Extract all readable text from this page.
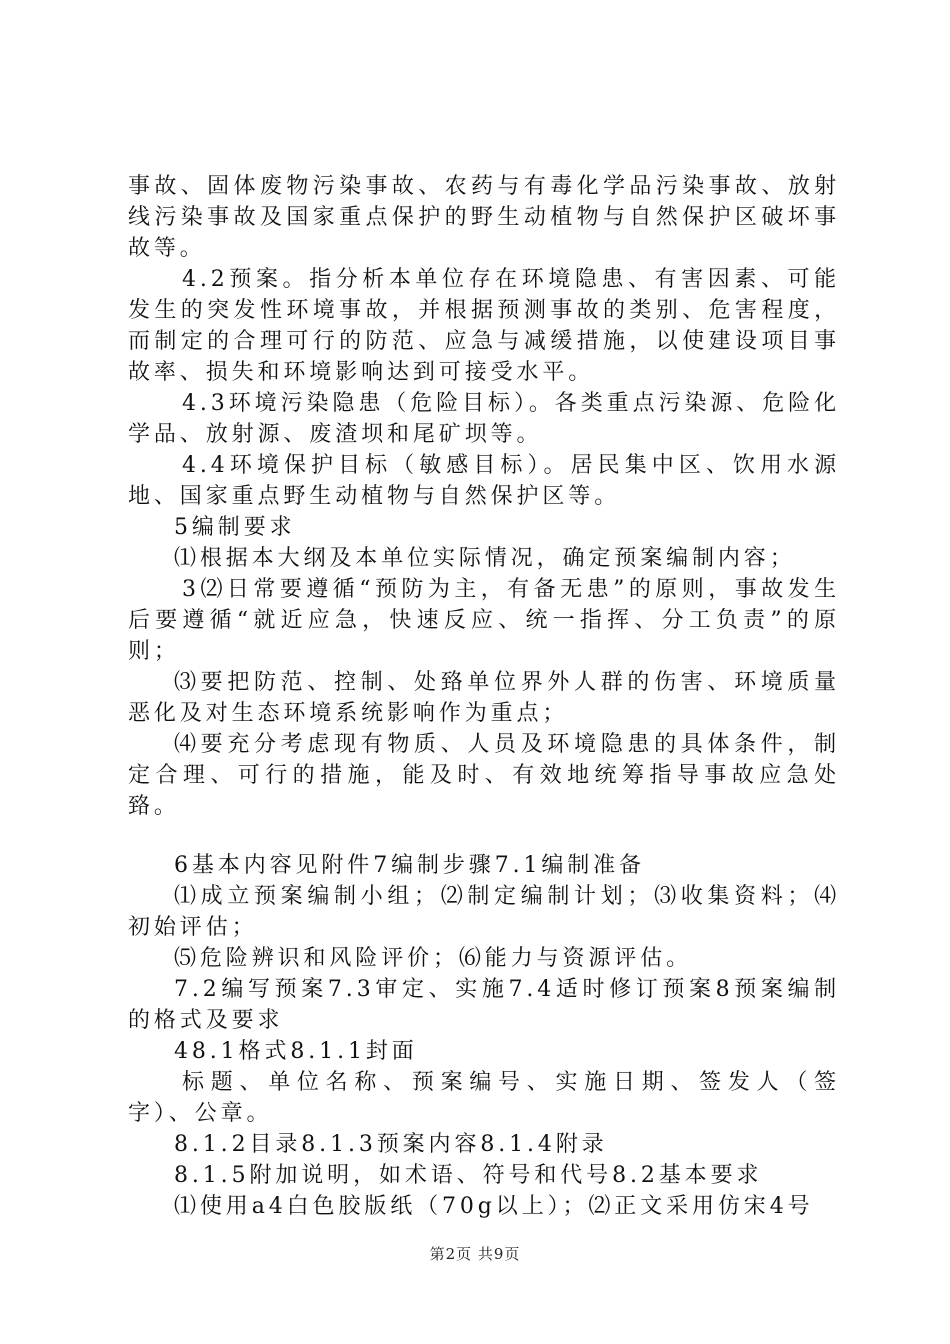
事故、固体废物污染事故、农药与有毒化学品污染事故、放射线污染事故及国家重点保护的野生动植物与自然保护区破坏事故等。

4.2预案。指分析本单位存在环境隐患、有害因素、可能发生的突发性环境事故，并根据预测事故的类别、危害程度，而制定的合理可行的防范、应急与减缓措施，以使建设项目事故率、损失和环境影响达到可接受水平。

4.3环境污染隐患（危险目标）。各类重点污染源、危险化学品、放射源、废渣坝和尾矿坝等。

4.4环境保护目标（敏感目标）。居民集中区、饮用水源地、国家重点野生动植物与自然保护区等。

5编制要求

⑴根据本大纲及本单位实际情况，确定预案编制内容；

3⑵日常要遵循“预防为主，有备无患”的原则，事故发生后要遵循“就近应急，快速反应、统一指挥、分工负责”的原则；

⑶要把防范、控制、处臵单位界外人群的伤害、环境质量恶化及对生态环境系统影响作为重点；

⑷要充分考虑现有物质、人员及环境隐患的具体条件，制定合理、可行的措施，能及时、有效地统筹指导事故应急处臵。

6基本内容见附件7编制步骤7.1编制准备

⑴成立预案编制小组；⑵制定编制计划；⑶收集资料；⑷初始评估；

⑸危险辨识和风险评价；⑹能力与资源评估。

7.2编写预案7.3审定、实施7.4适时修订预案8预案编制的格式及要求

48.1格式8.1.1封面

标题、单位名称、预案编号、实施日期、签发人（签字）、公章。

8.1.2目录8.1.3预案内容8.1.4附录

8.1.5附加说明，如术语、符号和代号8.2基本要求

⑴使用a4白色胶版纸（70g以上）；⑵正文采用仿宋4号

第2页 共9页
